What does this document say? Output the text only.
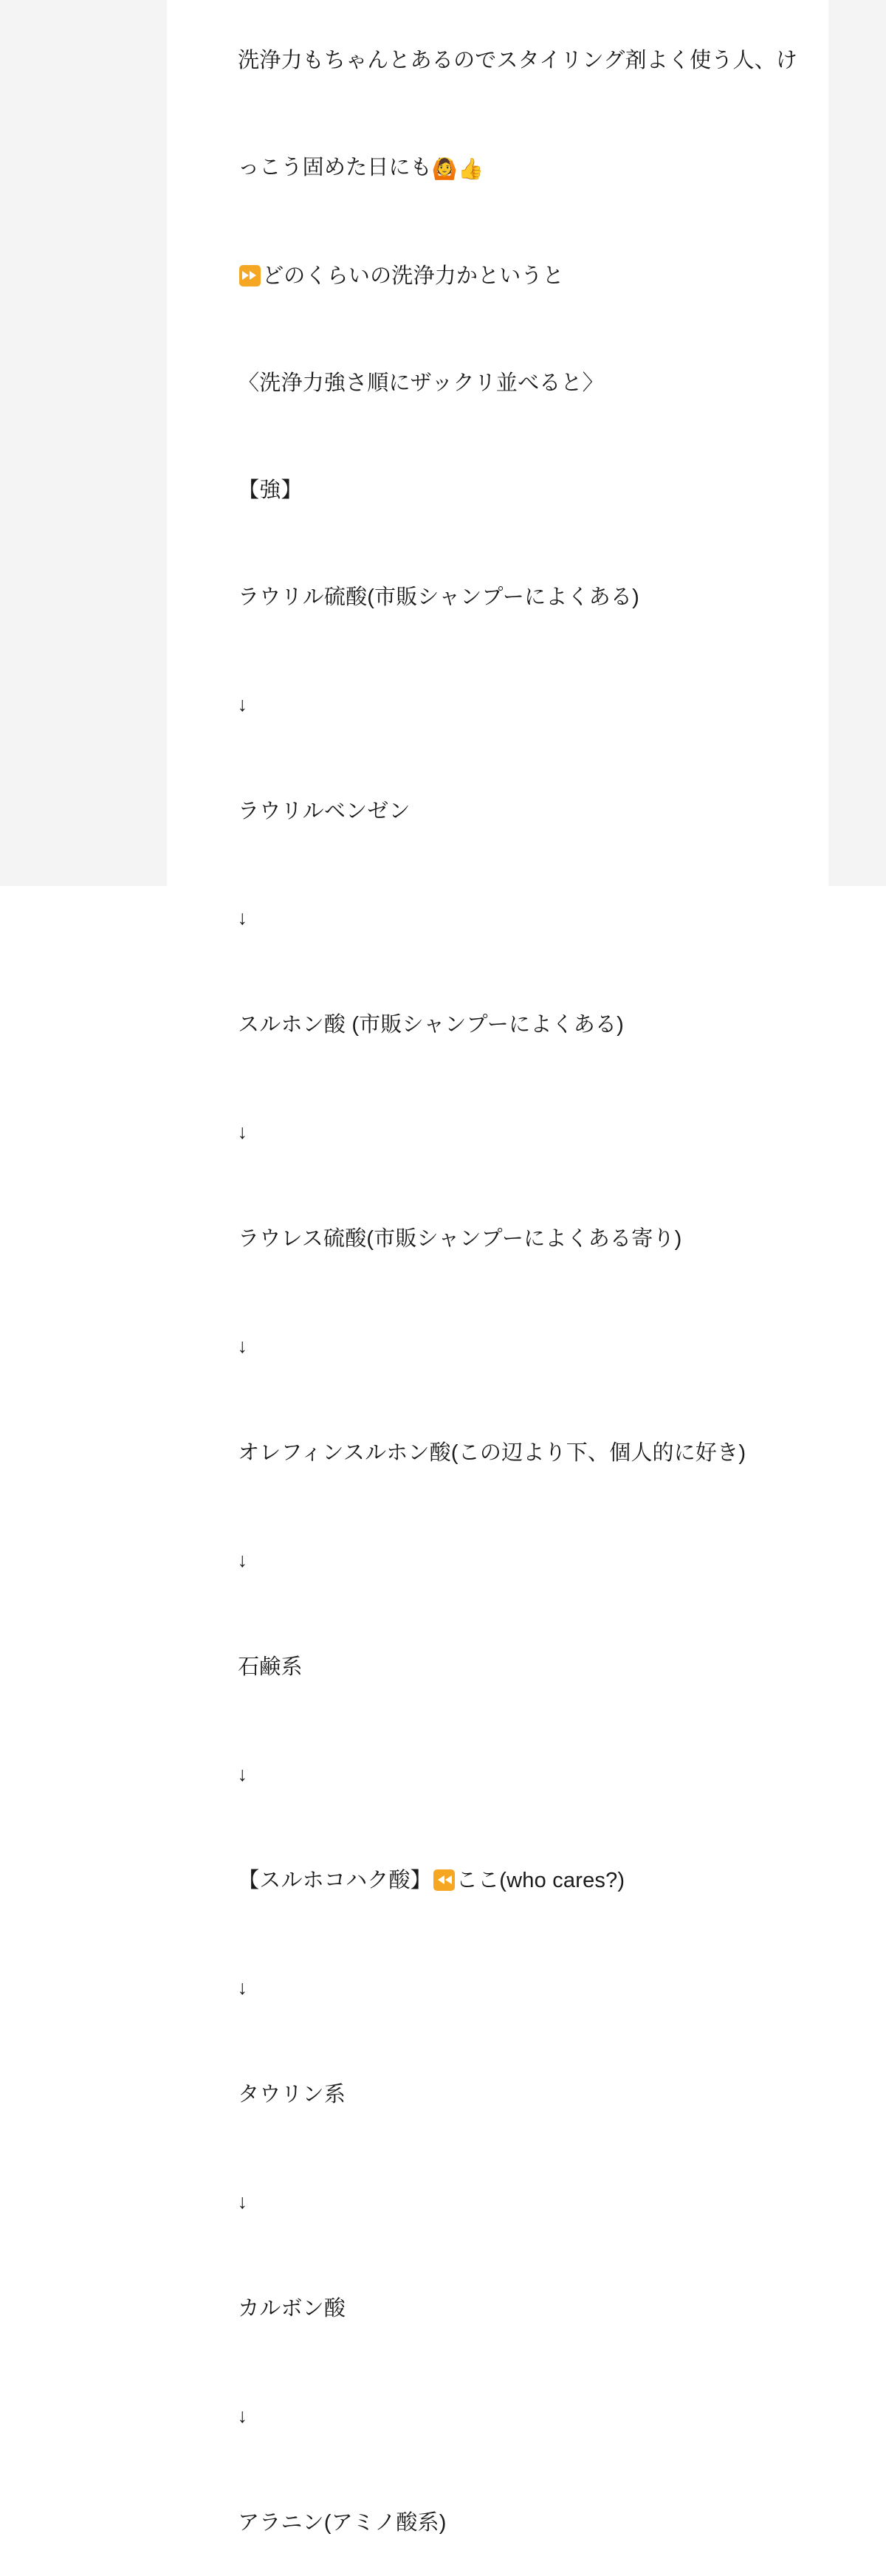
洗浄力もちゃんとあるのでスタイリング剤よく使う人、け

っこう固めた日にも🙆👍

どのくらいの洗浄力かというと

〈洗浄力強さ順にザックリ並べると〉

【強】

ラウリル硫酸(市販シャンプーによくある)

↓

ラウリルベンゼン

↓

スルホン酸 (市販シャンプーによくある)

↓

ラウレス硫酸(市販シャンプーによくある寄り)

↓

オレフィンスルホン酸(この辺より下、個人的に好き)

↓

石鹸系

↓

【スルホコハク酸】 ここ(who cares?)

↓

タウリン系

↓

カルボン酸

↓

アラニン(アミノ酸系)
